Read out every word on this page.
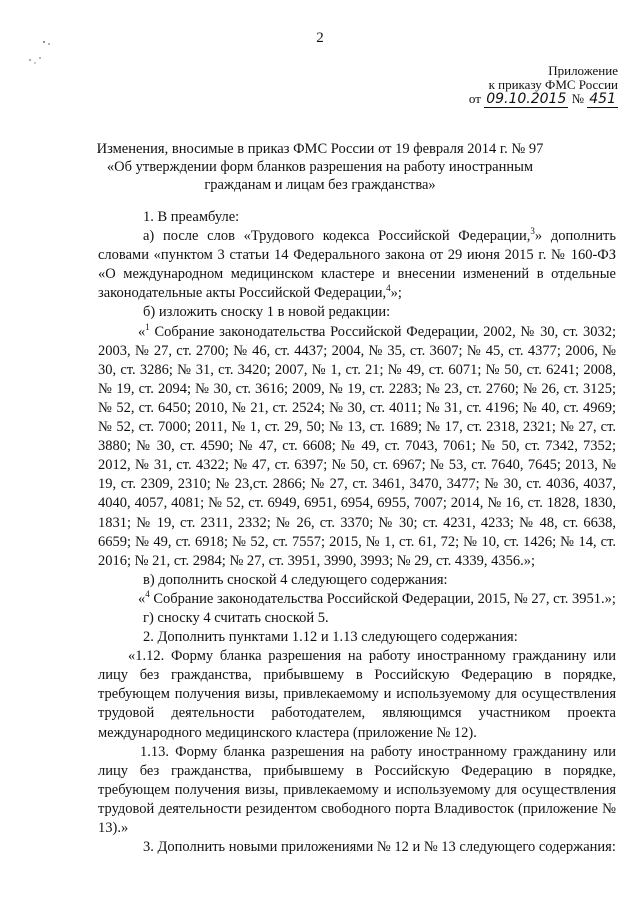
2
Приложение
к приказу ФМС России
от 09.10.2015 № 451
Изменения, вносимые в приказ ФМС России от 19 февраля 2014 г. № 97
«Об утверждении форм бланков разрешения на работу иностранным
гражданам и лицам без гражданства»

1. В преамбуле:

а) после слов «Трудового кодекса Российской Федерации,$^3$» дополнить словами «пунктом 3 статьи 14 Федерального закона от 29 июня 2015 г. № 160-ФЗ «О международном медицинском кластере и внесении изменений в отдельные законодательные акты Российской Федерации,$^4$»;

б) изложить сноску 1 в новой редакции:

«$^1$ Собрание законодательства Российской Федерации, 2002, № 30, ст. 3032; 2003, № 27, ст. 2700; № 46, ст. 4437; 2004, № 35, ст. 3607; № 45, ст. 4377; 2006, № 30, ст. 3286; № 31, ст. 3420; 2007, № 1, ст. 21; № 49, ст. 6071; № 50, ст. 6241; 2008, № 19, ст. 2094; № 30, ст. 3616; 2009, № 19, ст. 2283; № 23, ст. 2760; № 26, ст. 3125; № 52, ст. 6450; 2010, № 21, ст. 2524; № 30, ст. 4011; № 31, ст. 4196; № 40, ст. 4969; № 52, ст. 7000; 2011, № 1, ст. 29, 50; № 13, ст. 1689; № 17, ст. 2318, 2321; № 27, ст. 3880; № 30, ст. 4590; № 47, ст. 6608; № 49, ст. 7043, 7061; № 50, ст. 7342, 7352; 2012, № 31, ст. 4322; № 47, ст. 6397; № 50, ст. 6967; № 53, ст. 7640, 7645; 2013, № 19, ст. 2309, 2310; № 23,ст. 2866; № 27, ст. 3461, 3470, 3477; № 30, ст. 4036, 4037, 4040, 4057, 4081; № 52, ст. 6949, 6951, 6954, 6955, 7007; 2014, № 16, ст. 1828, 1830, 1831; № 19, ст. 2311, 2332; № 26, ст. 3370; № 30; ст. 4231, 4233; № 48, ст. 6638, 6659; № 49, ст. 6918; № 52, ст. 7557; 2015, № 1, ст. 61, 72; № 10, ст. 1426; № 14, ст. 2016; № 21, ст. 2984; № 27, ст. 3951, 3990, 3993; № 29, ст. 4339, 4356.»;

в) дополнить сноской 4 следующего содержания:

«$^4$ Собрание законодательства Российской Федерации, 2015, № 27, ст. 3951.»;

г) сноску 4 считать сноской 5.

2. Дополнить пунктами 1.12 и 1.13 следующего содержания:

«1.12. Форму бланка разрешения на работу иностранному гражданину или лицу без гражданства, прибывшему в Российскую Федерацию в порядке, требующем получения визы, привлекаемому и используемому для осуществления трудовой деятельности работодателем, являющимся участником проекта международного медицинского кластера (приложение № 12).

1.13. Форму бланка разрешения на работу иностранному гражданину или лицу без гражданства, прибывшему в Российскую Федерацию в порядке, требующем получения визы, привлекаемому и используемому для осуществления трудовой деятельности резидентом свободного порта Владивосток (приложение № 13).»

3. Дополнить новыми приложениями № 12 и № 13 следующего содержания:
